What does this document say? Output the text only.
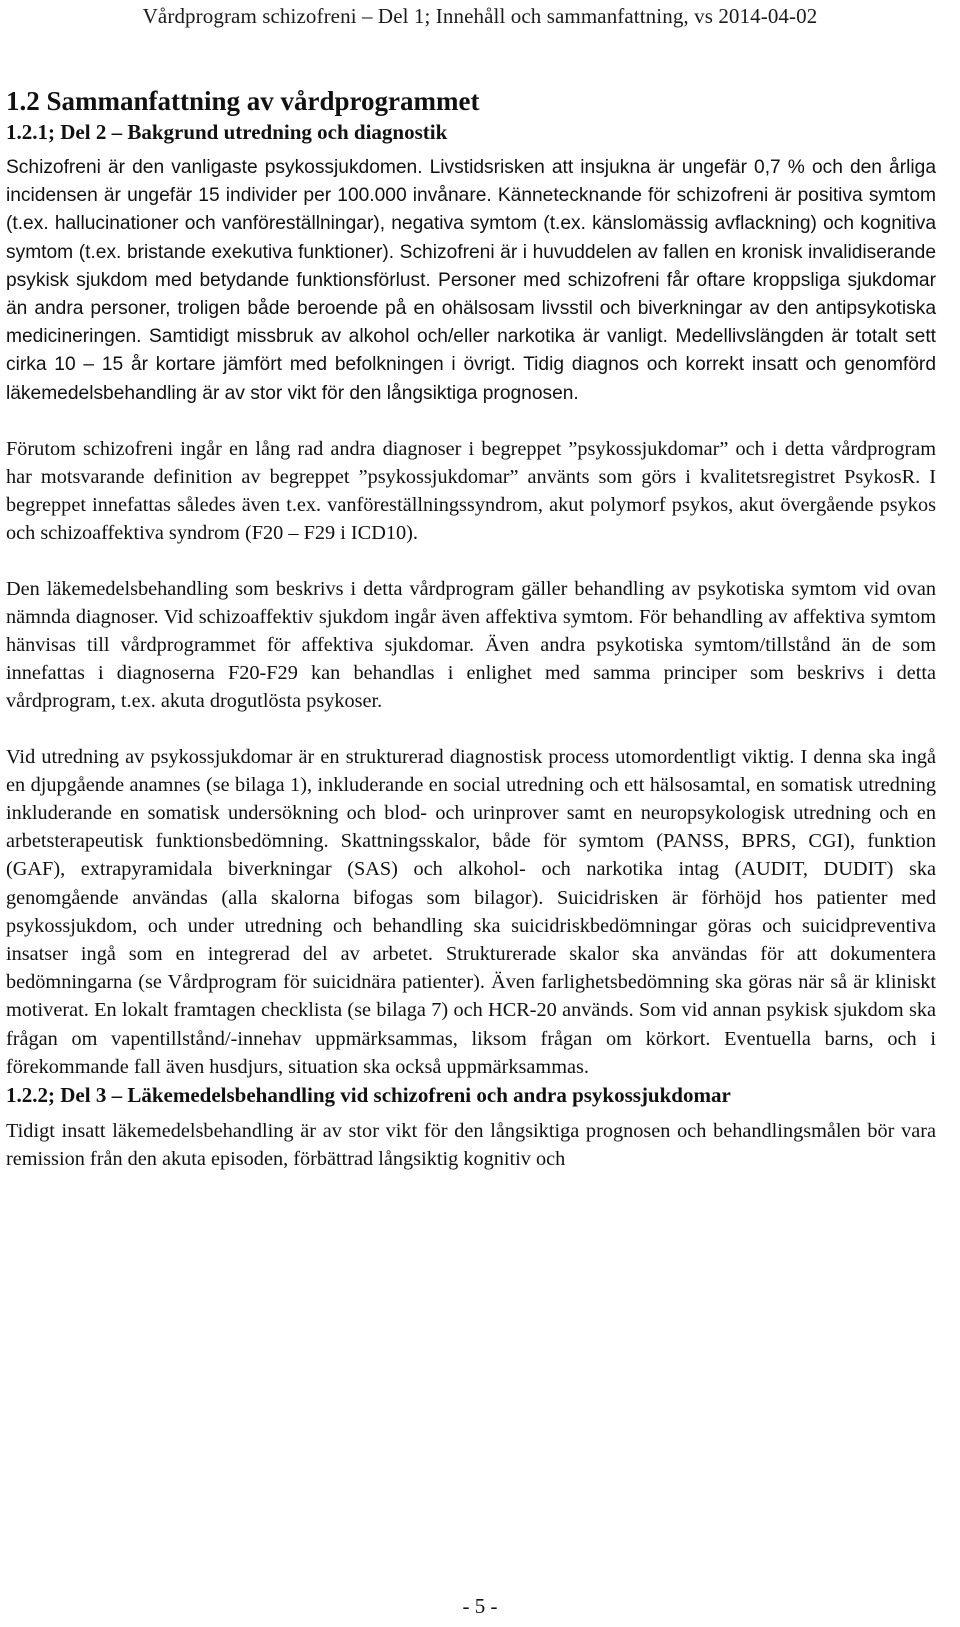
Vårdprogram schizofreni – Del 1; Innehåll och sammanfattning, vs 2014-04-02
1.2 Sammanfattning av vårdprogrammet
1.2.1; Del 2 – Bakgrund utredning och diagnostik

Schizofreni är den vanligaste psykossjukdomen. Livstidsrisken att insjukna är ungefär 0,7 % och den årliga incidensen är ungefär 15 individer per 100.000 invånare. Kännetecknande för schizofreni är positiva symtom (t.ex. hallucinationer och vanföreställningar), negativa symtom (t.ex. känslomässig avflackning) och kognitiva symtom (t.ex. bristande exekutiva funktioner). Schizofreni är i huvuddelen av fallen en kronisk invalidiserande psykisk sjukdom med betydande funktionsförlust. Personer med schizofreni får oftare kroppsliga sjukdomar än andra personer, troligen både beroende på en ohälsosam livsstil och biverkningar av den antipsykotiska medicineringen. Samtidigt missbruk av alkohol och/eller narkotika är vanligt. Medellivslängden är totalt sett cirka 10 – 15 år kortare jämfört med befolkningen i övrigt. Tidig diagnos och korrekt insatt och genomförd läkemedelsbehandling är av stor vikt för den långsiktiga prognosen.

Förutom schizofreni ingår en lång rad andra diagnoser i begreppet ”psykossjukdomar” och i detta vårdprogram har motsvarande definition av begreppet ”psykossjukdomar” använts som görs i kvalitetsregistret PsykosR. I begreppet innefattas således även t.ex. vanföreställningssyndrom, akut polymorf psykos, akut övergående psykos och schizoaffektiva syndrom (F20 – F29 i ICD10).

Den läkemedelsbehandling som beskrivs i detta vårdprogram gäller behandling av psykotiska symtom vid ovan nämnda diagnoser. Vid schizoaffektiv sjukdom ingår även affektiva symtom. För behandling av affektiva symtom hänvisas till vårdprogrammet för affektiva sjukdomar. Även andra psykotiska symtom/tillstånd än de som innefattas i diagnoserna F20-F29 kan behandlas i enlighet med samma principer som beskrivs i detta vårdprogram, t.ex. akuta drogutlösta psykoser.

Vid utredning av psykossjukdomar är en strukturerad diagnostisk process utomordentligt viktig. I denna ska ingå en djupgående anamnes (se bilaga 1), inkluderande en social utredning och ett hälsosamtal, en somatisk utredning inkluderande en somatisk undersökning och blod- och urinprover samt en neuropsykologisk utredning och en arbetsterapeutisk funktionsbedömning. Skattningsskalor, både för symtom (PANSS, BPRS, CGI), funktion (GAF), extrapyramidala biverkningar (SAS) och alkohol- och narkotika intag (AUDIT, DUDIT) ska genomgående användas (alla skalorna bifogas som bilagor). Suicidrisken är förhöjd hos patienter med psykossjukdom, och under utredning och behandling ska suicidriskbedömningar göras och suicidpreventiva insatser ingå som en integrerad del av arbetet. Strukturerade skalor ska användas för att dokumentera bedömningarna (se Vårdprogram för suicidnära patienter). Även farlighetsbedömning ska göras när så är kliniskt motiverat. En lokalt framtagen checklista (se bilaga 7) och HCR-20 används. Som vid annan psykisk sjukdom ska frågan om vapentillstånd/-innehav uppmärksammas, liksom frågan om körkort. Eventuella barns, och i förekommande fall även husdjurs, situation ska också uppmärksammas.

1.2.2; Del 3 – Läkemedelsbehandling vid schizofreni och andra psykossjukdomar

Tidigt insatt läkemedelsbehandling är av stor vikt för den långsiktiga prognosen och behandlingsmålen bör vara remission från den akuta episoden, förbättrad långsiktig kognitiv och

- 5 -
